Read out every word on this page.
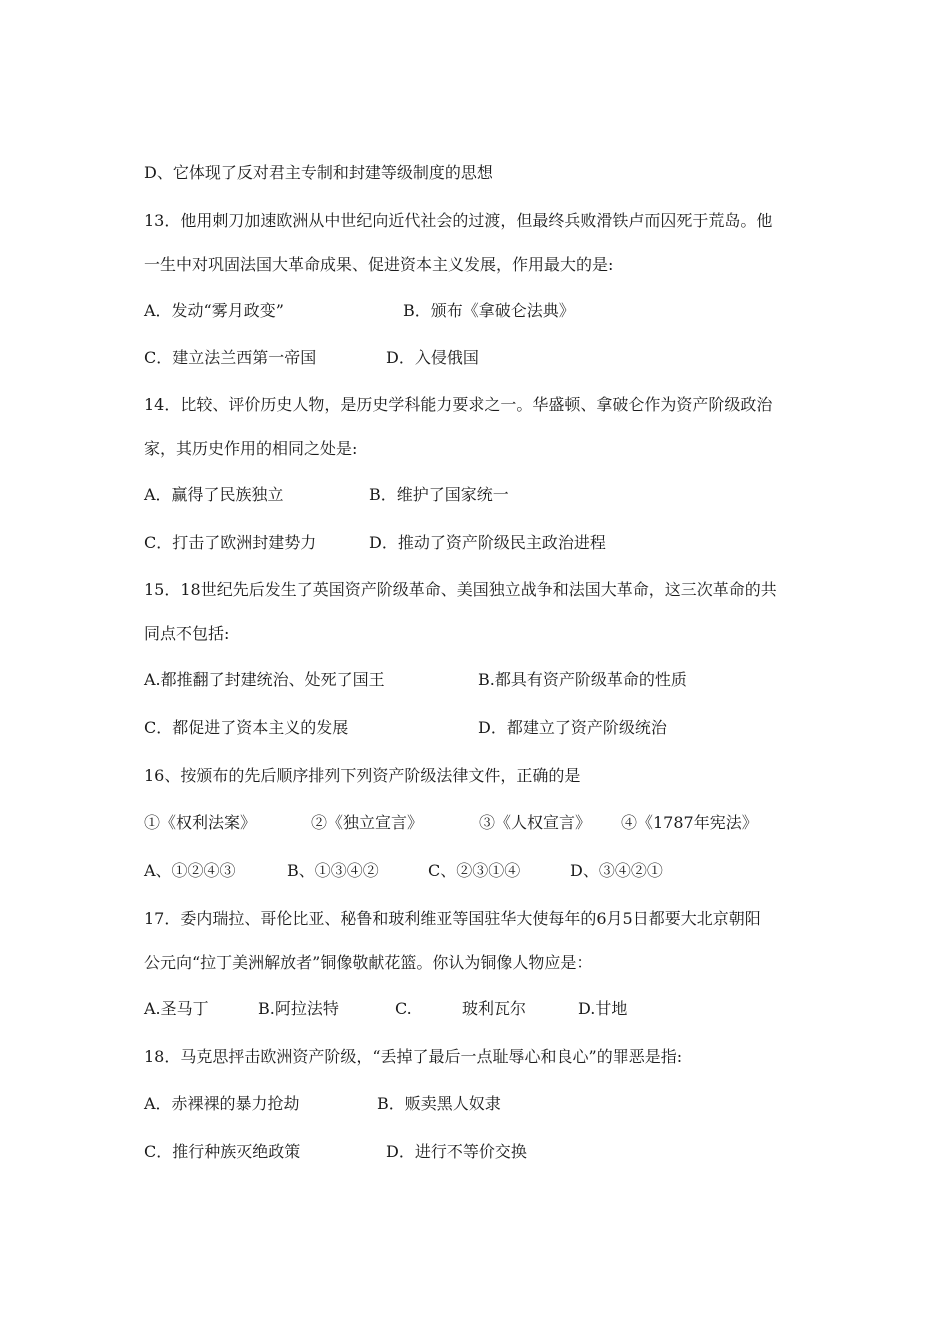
D、它体现了反对君主专制和封建等级制度的思想
13．他用刺刀加速欧洲从中世纪向近代社会的过渡，但最终兵败滑铁卢而囚死于荒岛。他
一生中对巩固法国大革命成果、促进资本主义发展，作用最大的是:
A．发动“雾月政变”	B．颁布《拿破仑法典》
C．建立法兰西第一帝国	D．入侵俄国
14．比较、评价历史人物，是历史学科能力要求之一。华盛顿、拿破仑作为资产阶级政治
家，其历史作用的相同之处是:
A．赢得了民族独立	B．维护了国家统一
C．打击了欧洲封建势力	D．推动了资产阶级民主政治进程
15．18世纪先后发生了英国资产阶级革命、美国独立战争和法国大革命，这三次革命的共
同点不包括:
A.都推翻了封建统治、处死了国王	B.都具有资产阶级革命的性质
C．都促进了资本主义的发展	D．都建立了资产阶级统治
16、按颁布的先后顺序排列下列资产阶级法律文件，正确的是
①《权利法案》	②《独立宣言》	③《人权宣言》 ④《1787年宪法》
A、①②④③	B、①③④②	C、②③①④	D、③④②①
17．委内瑞拉、哥伦比亚、秘鲁和玻利维亚等国驻华大使每年的6月5日都要大北京朝阳
公元向“拉丁美洲解放者”铜像敬献花篮。你认为铜像人物应是：
A.圣马丁	B.阿拉法特	C.	玻利瓦尔	D.甘地
18．马克思抨击欧洲资产阶级，“丢掉了最后一点耻辱心和良心”的罪恶是指:
A．赤裸裸的暴力抢劫	B．贩卖黑人奴隶
C．推行种族灭绝政策	D．进行不等价交换
